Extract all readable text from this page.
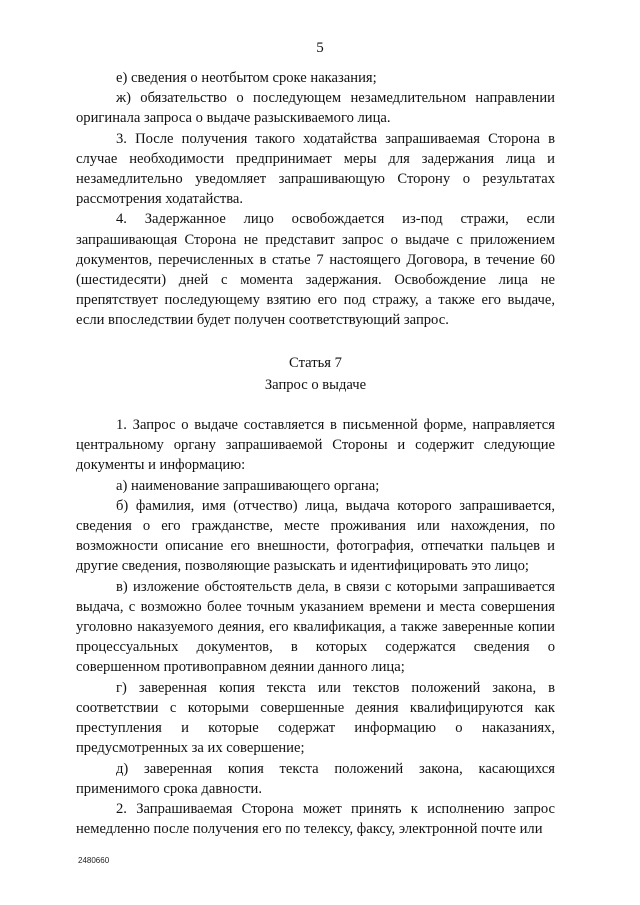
5

е) сведения о неотбытом сроке наказания;

ж) обязательство о последующем незамедлительном направлении оригинала запроса о выдаче разыскиваемого лица.

3. После получения такого ходатайства запрашиваемая Сторона в случае необходимости предпринимает меры для задержания лица и незамедлительно уведомляет запрашивающую Сторону о результатах рассмотрения ходатайства.

4. Задержанное лицо освобождается из-под стражи, если запрашивающая Сторона не представит запрос о выдаче с приложением документов, перечисленных в статье 7 настоящего Договора, в течение 60 (шестидесяти) дней с момента задержания. Освобождение лица не препятствует последующему взятию его под стражу, а также его выдаче, если впоследствии будет получен соответствующий запрос.

Статья 7

Запрос о выдаче

1. Запрос о выдаче составляется в письменной форме, направляется центральному органу запрашиваемой Стороны и содержит следующие документы и информацию:

а) наименование запрашивающего органа;

б) фамилия, имя (отчество) лица, выдача которого запрашивается, сведения о его гражданстве, месте проживания или нахождения, по возможности описание его внешности, фотография, отпечатки пальцев и другие сведения, позволяющие разыскать и идентифицировать это лицо;

в) изложение обстоятельств дела, в связи с которыми запрашивается выдача, с возможно более точным указанием времени и места совершения уголовно наказуемого деяния, его квалификация, а также заверенные копии процессуальных документов, в которых содержатся сведения о совершенном противоправном деянии данного лица;

г) заверенная копия текста или текстов положений закона, в соответствии с которыми совершенные деяния квалифицируются как преступления и которые содержат информацию о наказаниях, предусмотренных за их совершение;

д) заверенная копия текста положений закона, касающихся применимого срока давности.

2. Запрашиваемая Сторона может принять к исполнению запрос немедленно после получения его по телексу, факсу, электронной почте или

2480660
